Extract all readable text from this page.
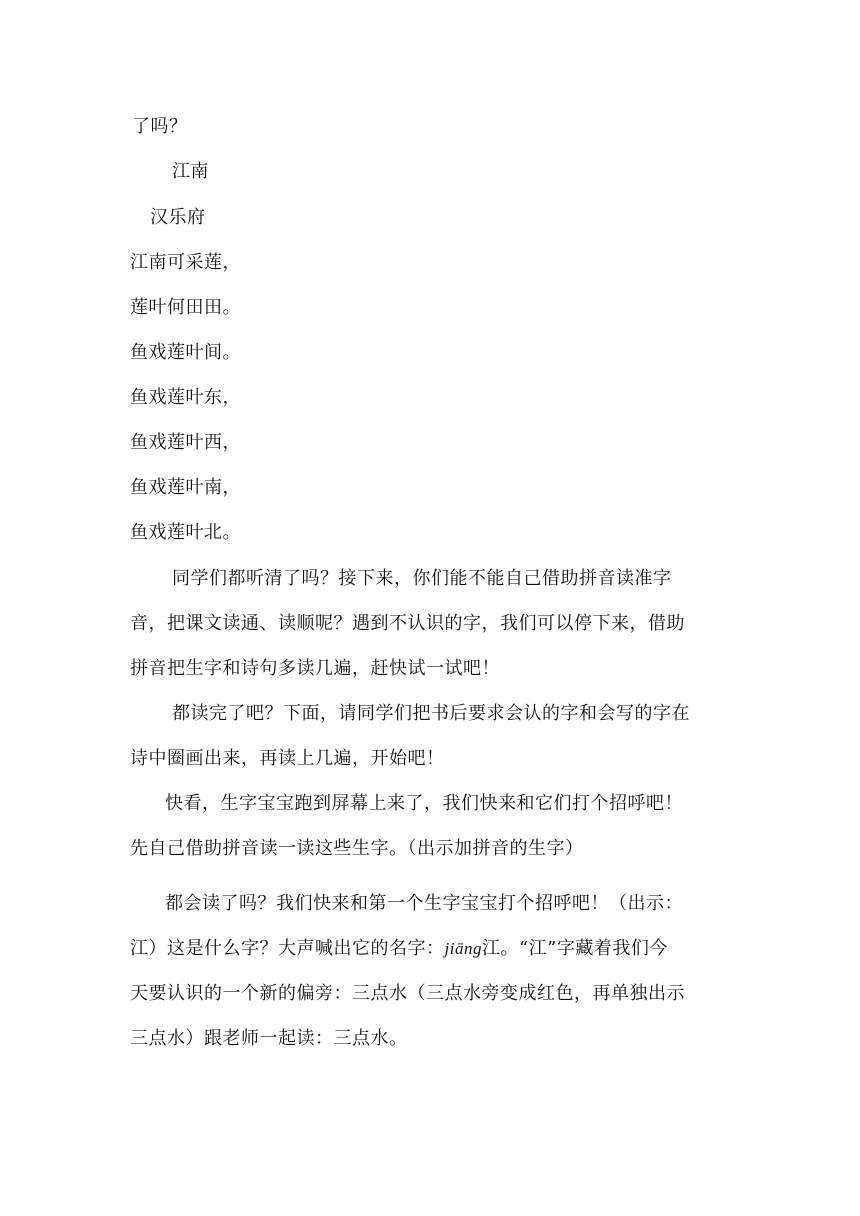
了吗？
江南
汉乐府
江南可采莲，
莲叶何田田。
鱼戏莲叶间。
鱼戏莲叶东，
鱼戏莲叶西，
鱼戏莲叶南，
鱼戏莲叶北。
同学们都听清了吗？接下来，你们能不能自己借助拼音读准字
音，把课文读通、读顺呢？遇到不认识的字，我们可以停下来，借助
拼音把生字和诗句多读几遍，赶快试一试吧！
都读完了吧？下面，请同学们把书后要求会认的字和会写的字在
诗中圈画出来，再读上几遍，开始吧！
快看，生字宝宝跑到屏幕上来了，我们快来和它们打个招呼吧！
先自己借助拼音读一读这些生字。（出示加拼音的生字）
都会读了吗？我们快来和第一个生字宝宝打个招呼吧！（出示：
江）这是什么字？大声喊出它的名字：jiāng江。“江”字藏着我们今
天要认识的一个新的偏旁：三点水（三点水旁变成红色，再单独出示
三点水）跟老师一起读：三点水。
